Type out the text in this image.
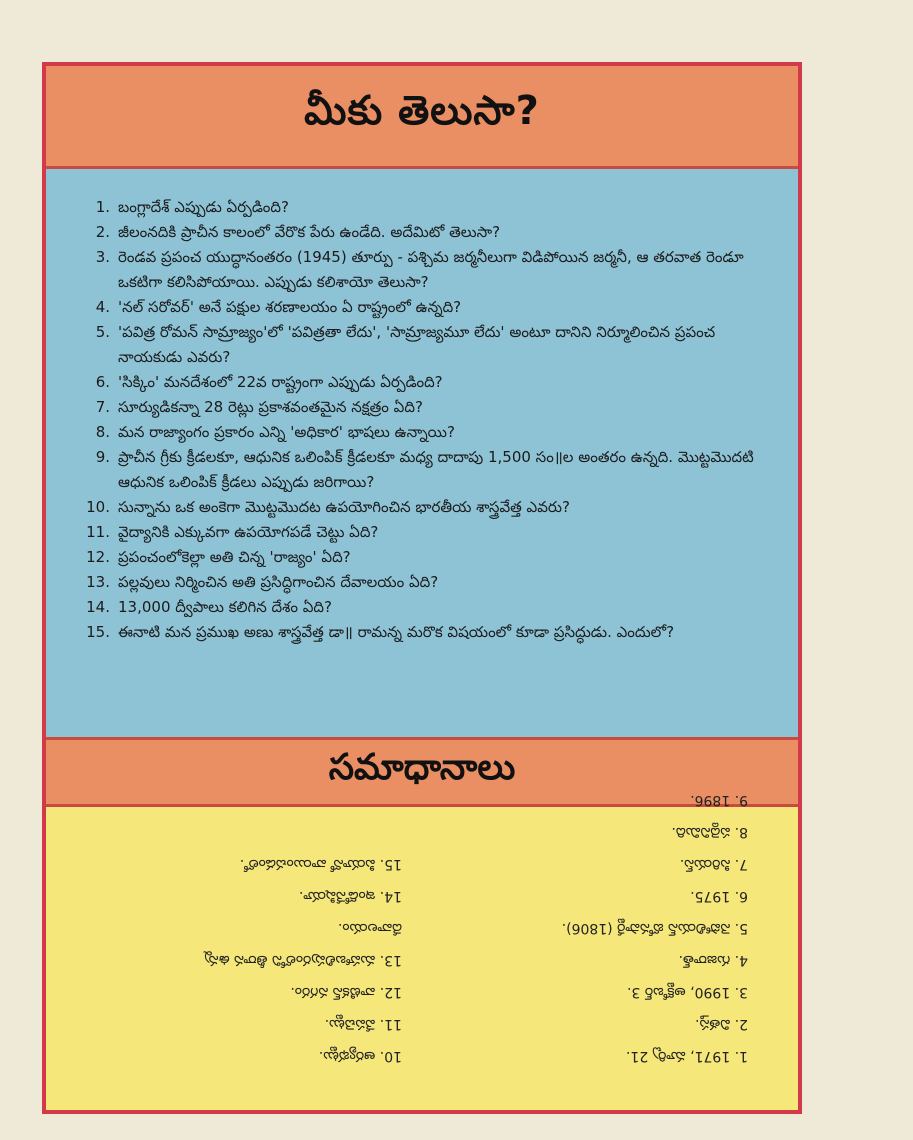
మీకు తెలుసా?
1. బంగ్లాదేశ్ ఎప్పుడు ఏర్పడింది?
2. జీలంనదికి ప్రాచీన కాలంలో వేరొక పేరు ఉండేది. అదేమిటో తెలుసా?
3. రెండవ ప్రపంచ యుద్ధానంతరం (1945) తూర్పు - పశ్చిమ జర్మనీలుగా విడిపోయిన జర్మనీ, ఆ తరవాత రెండూ ఒకటిగా కలిసిపోయాయి. ఎప్పుడు కలిశాయో తెలుసా?
4. 'నల్ సరోవర్' అనే పక్షుల శరణాలయం ఏ రాష్ట్రంలో ఉన్నది?
5. 'పవిత్ర రోమన్ సామ్రాజ్యం'లో 'పవిత్రతా లేదు', 'సామ్రాజ్యమూ లేదు' అంటూ దానిని నిర్మూలించిన ప్రపంచ నాయకుడు ఎవరు?
6. 'సిక్కిం' మనదేశంలో 22వ రాష్ట్రంగా ఎప్పుడు ఏర్పడింది?
7. సూర్యుడికన్నా 28 రెట్లు ప్రకాశవంతమైన నక్షత్రం ఏది?
8. మన రాజ్యాంగం ప్రకారం ఎన్ని 'అధికార' భాషలు ఉన్నాయి?
9. ప్రాచీన గ్రీకు క్రీడలకూ, ఆధునిక ఒలింపిక్ క్రీడలకూ మధ్య దాదాపు 1,500 సం॥ల అంతరం ఉన్నది. మొట్టమొదటి ఆధునిక ఒలింపిక్ క్రీడలు ఎప్పుడు జరిగాయి?
10. సున్నాను ఒక అంకెగా మొట్టమొదట ఉపయోగించిన భారతీయ శాస్త్రవేత్త ఎవరు?
11. వైద్యానికి ఎక్కువగా ఉపయోగపడే చెట్టు ఏది?
12. ప్రపంచంలోకెల్లా అతి చిన్న 'రాజ్యం' ఏది?
13. పల్లవులు నిర్మించిన అతి ప్రసిద్ధిగాంచిన దేవాలయం ఏది?
14. 13,000 ద్వీపాలు కలిగిన దేశం ఏది?
15. ఈనాటి మన ప్రముఖ అణు శాస్త్రవేత్త డా॥ రామన్న మరొక విషయంలో కూడా ప్రసిద్ధుడు. ఎందులో?
సమాధానాలు
1. 1971, మార్చి 21.
2. వితస్త.
3. 1990, అక్టోబర్ 3.
4. గుజరాత్.
5. నెపోలియన్ బోనపార్టే (1806).
6. 1975.
7. సిరియస్.
8. పద్దెనిమిది.
9. 1896.
10. ఆర్యభట్టు.
11. వేపచెట్టు.
12. వాటికన్ నగరం.
13. మహాబలిపురంలోని తీరాన ఉన్న
దేవాలయం.
14. ఇండోనేషియా.
15. పియానో వాయించడంలో.
